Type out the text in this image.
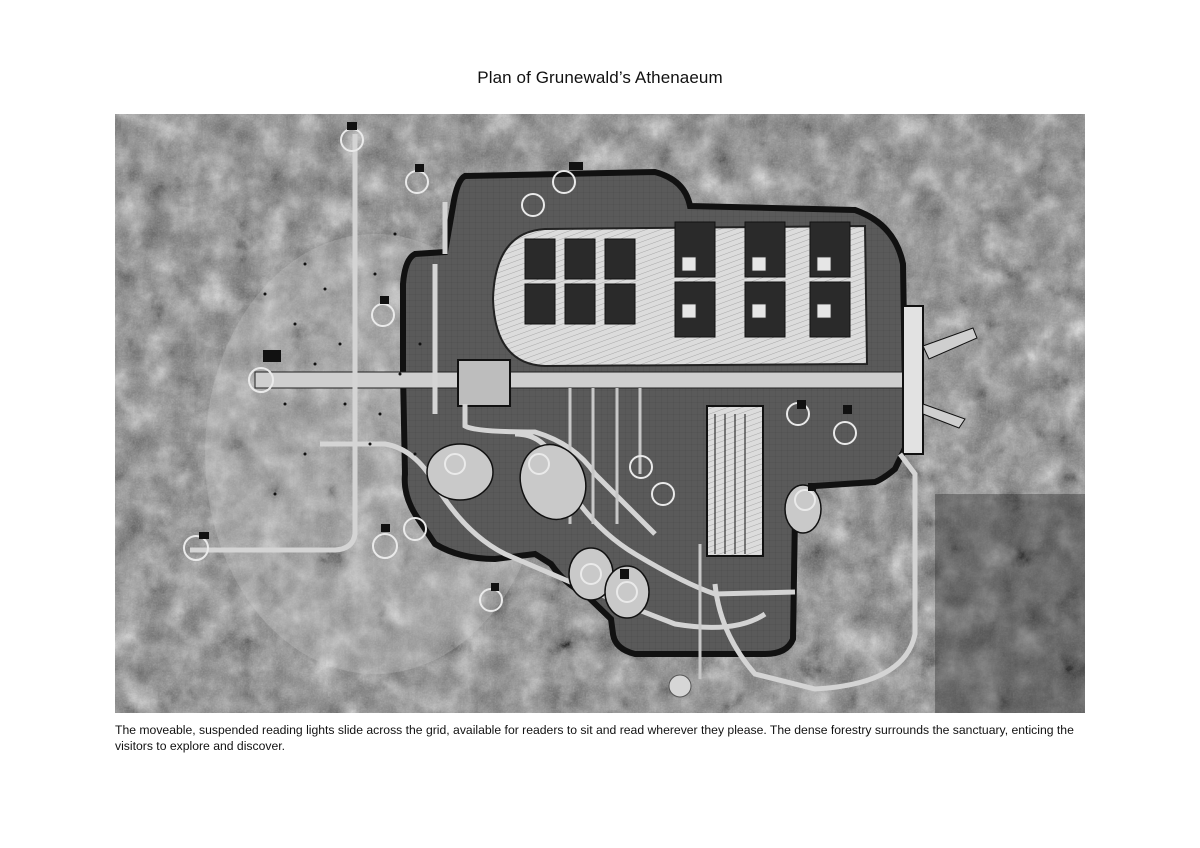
Plan of Grunewald’s Athenaeum
The moveable, suspended reading lights slide across the grid, available for readers to sit and read wherever they please. The dense forestry surrounds the sanctuary, enticing the visitors to explore and discover.
